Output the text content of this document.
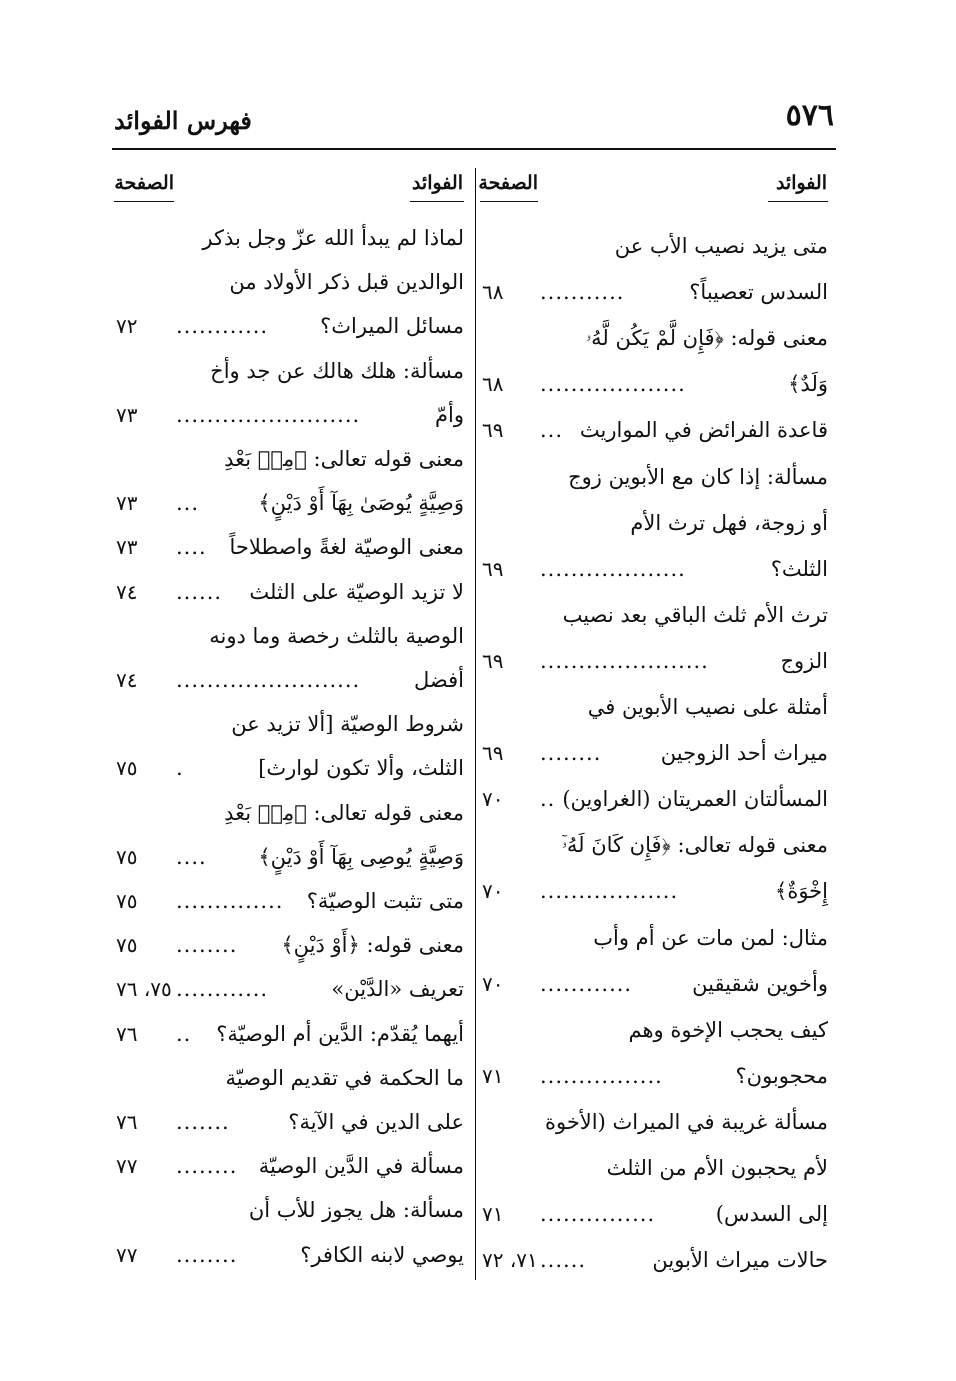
٥٧٦
فهرس الفوائد
الفوائد
الصفحة
الفوائد
الصفحة
متى يزيد نصيب الأب عن
السدس تعصيباً؟
...........
٦٨
معنى قوله: ﴿فَإِن لَّمْ يَكُن لَّهُۥ
وَلَدٌ﴾
...................
٦٨
قاعدة الفرائض في المواريث
...
٦٩
مسألة: إذا كان مع الأبوين زوج
أو زوجة، فهل ترث الأم
الثلث؟
...................
٦٩
ترث الأم ثلث الباقي بعد نصيب
الزوج
......................
٦٩
أمثلة على نصيب الأبوين في
ميراث أحد الزوجين
........
٦٩
المسألتان العمريتان (الغراوين)
..
٧٠
معنى قوله تعالى: ﴿فَإِن كَانَ لَهُۥٓ
إِخْوَةٌ﴾
..................
٧٠
مثال: لمن مات عن أم وأب
وأخوين شقيقين
............
٧٠
كيف يحجب الإخوة وهم
محجوبون؟
................
٧١
مسألة غريبة في الميراث (الأخوة
لأم يحجبون الأم من الثلث
إلى السدس)
...............
٧١
حالات ميراث الأبوين
......
٧١، ٧٢
لماذا لم يبدأ الله عزّ وجل بذكر
الوالدين قبل ذكر الأولاد من
مسائل الميراث؟
............
٧٢
مسألة: هلك هالك عن جد وأخ
وأمّ
........................
٧٣
معنى قوله تعالى: ﴿مِنۢ بَعْدِ
وَصِيَّةٍ يُوصَىٰ بِهَآ أَوْ دَيْنٍ﴾
...
٧٣
معنى الوصيّة لغةً واصطلاحاً
....
٧٣
لا تزيد الوصيّة على الثلث
......
٧٤
الوصية بالثلث رخصة وما دونه
أفضل
........................
٧٤
شروط الوصيّة [ألا تزيد عن
الثلث، وألا تكون لوارث]
.
٧٥
معنى قوله تعالى: ﴿مِنۢ بَعْدِ
وَصِيَّةٍ يُوصِى بِهَآ أَوْ دَيْنٍ﴾
....
٧٥
متى تثبت الوصيّة؟
..............
٧٥
معنى قوله: ﴿أَوْ دَيْنٍ﴾
........
٧٥
تعريف «الدَّيْن»
............
٧٥، ٧٦
أيهما يُقدّم: الدَّين أم الوصيّة؟
..
٧٦
ما الحكمة في تقديم الوصيّة
على الدين في الآية؟
.......
٧٦
مسألة في الدَّين الوصيّة
........
٧٧
مسألة: هل يجوز للأب أن
يوصي لابنه الكافر؟
........
٧٧
